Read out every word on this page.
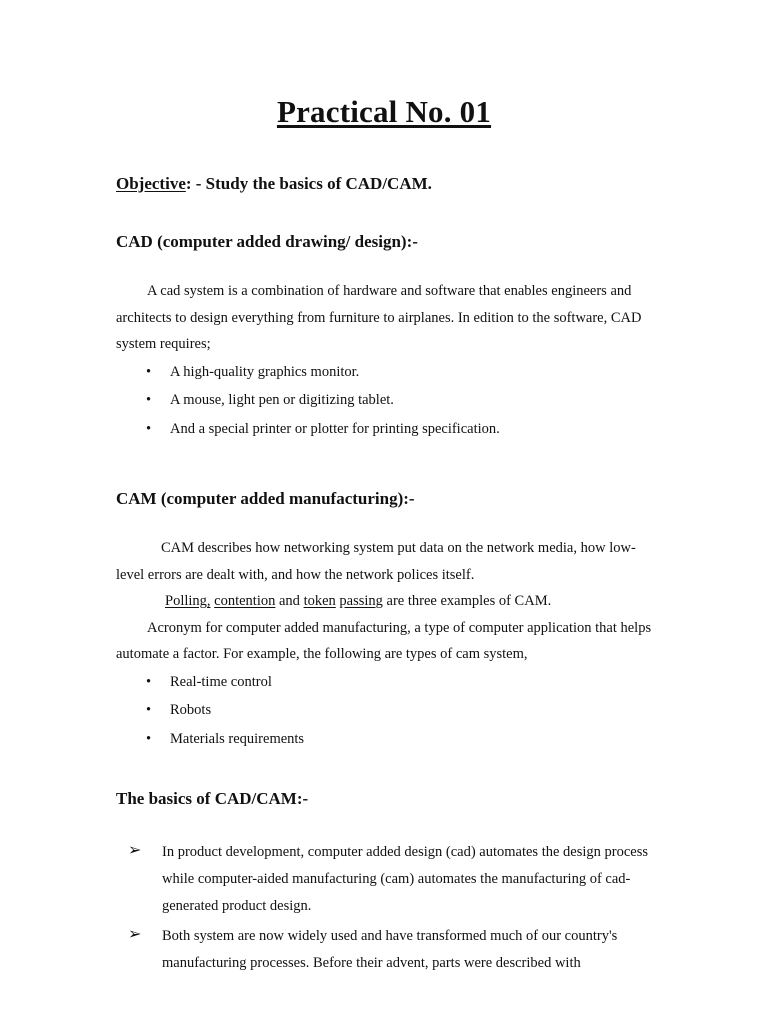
Practical No. 01

Objective: - Study the basics of CAD/CAM.

CAD (computer added drawing/ design):-

A cad system is a combination of hardware and software that enables engineers and architects to design everything from furniture to airplanes. In edition to the software, CAD system requires;

• A high-quality graphics monitor.
• A mouse, light pen or digitizing tablet.
• And a special printer or plotter for printing specification.

CAM (computer added manufacturing):-

CAM describes how networking system put data on the network media, how low-level errors are dealt with, and how the network polices itself.

Polling, contention and token passing are three examples of CAM.

Acronym for computer added manufacturing, a type of computer application that helps automate a factor. For example, the following are types of cam system,

• Real-time control
• Robots
• Materials requirements

The basics of CAD/CAM:-

➢ In product development, computer added design (cad) automates the design process while computer-aided manufacturing (cam) automates the manufacturing of cad-generated product design.
➢ Both system are now widely used and have transformed much of our country's manufacturing processes. Before their advent, parts were described with
